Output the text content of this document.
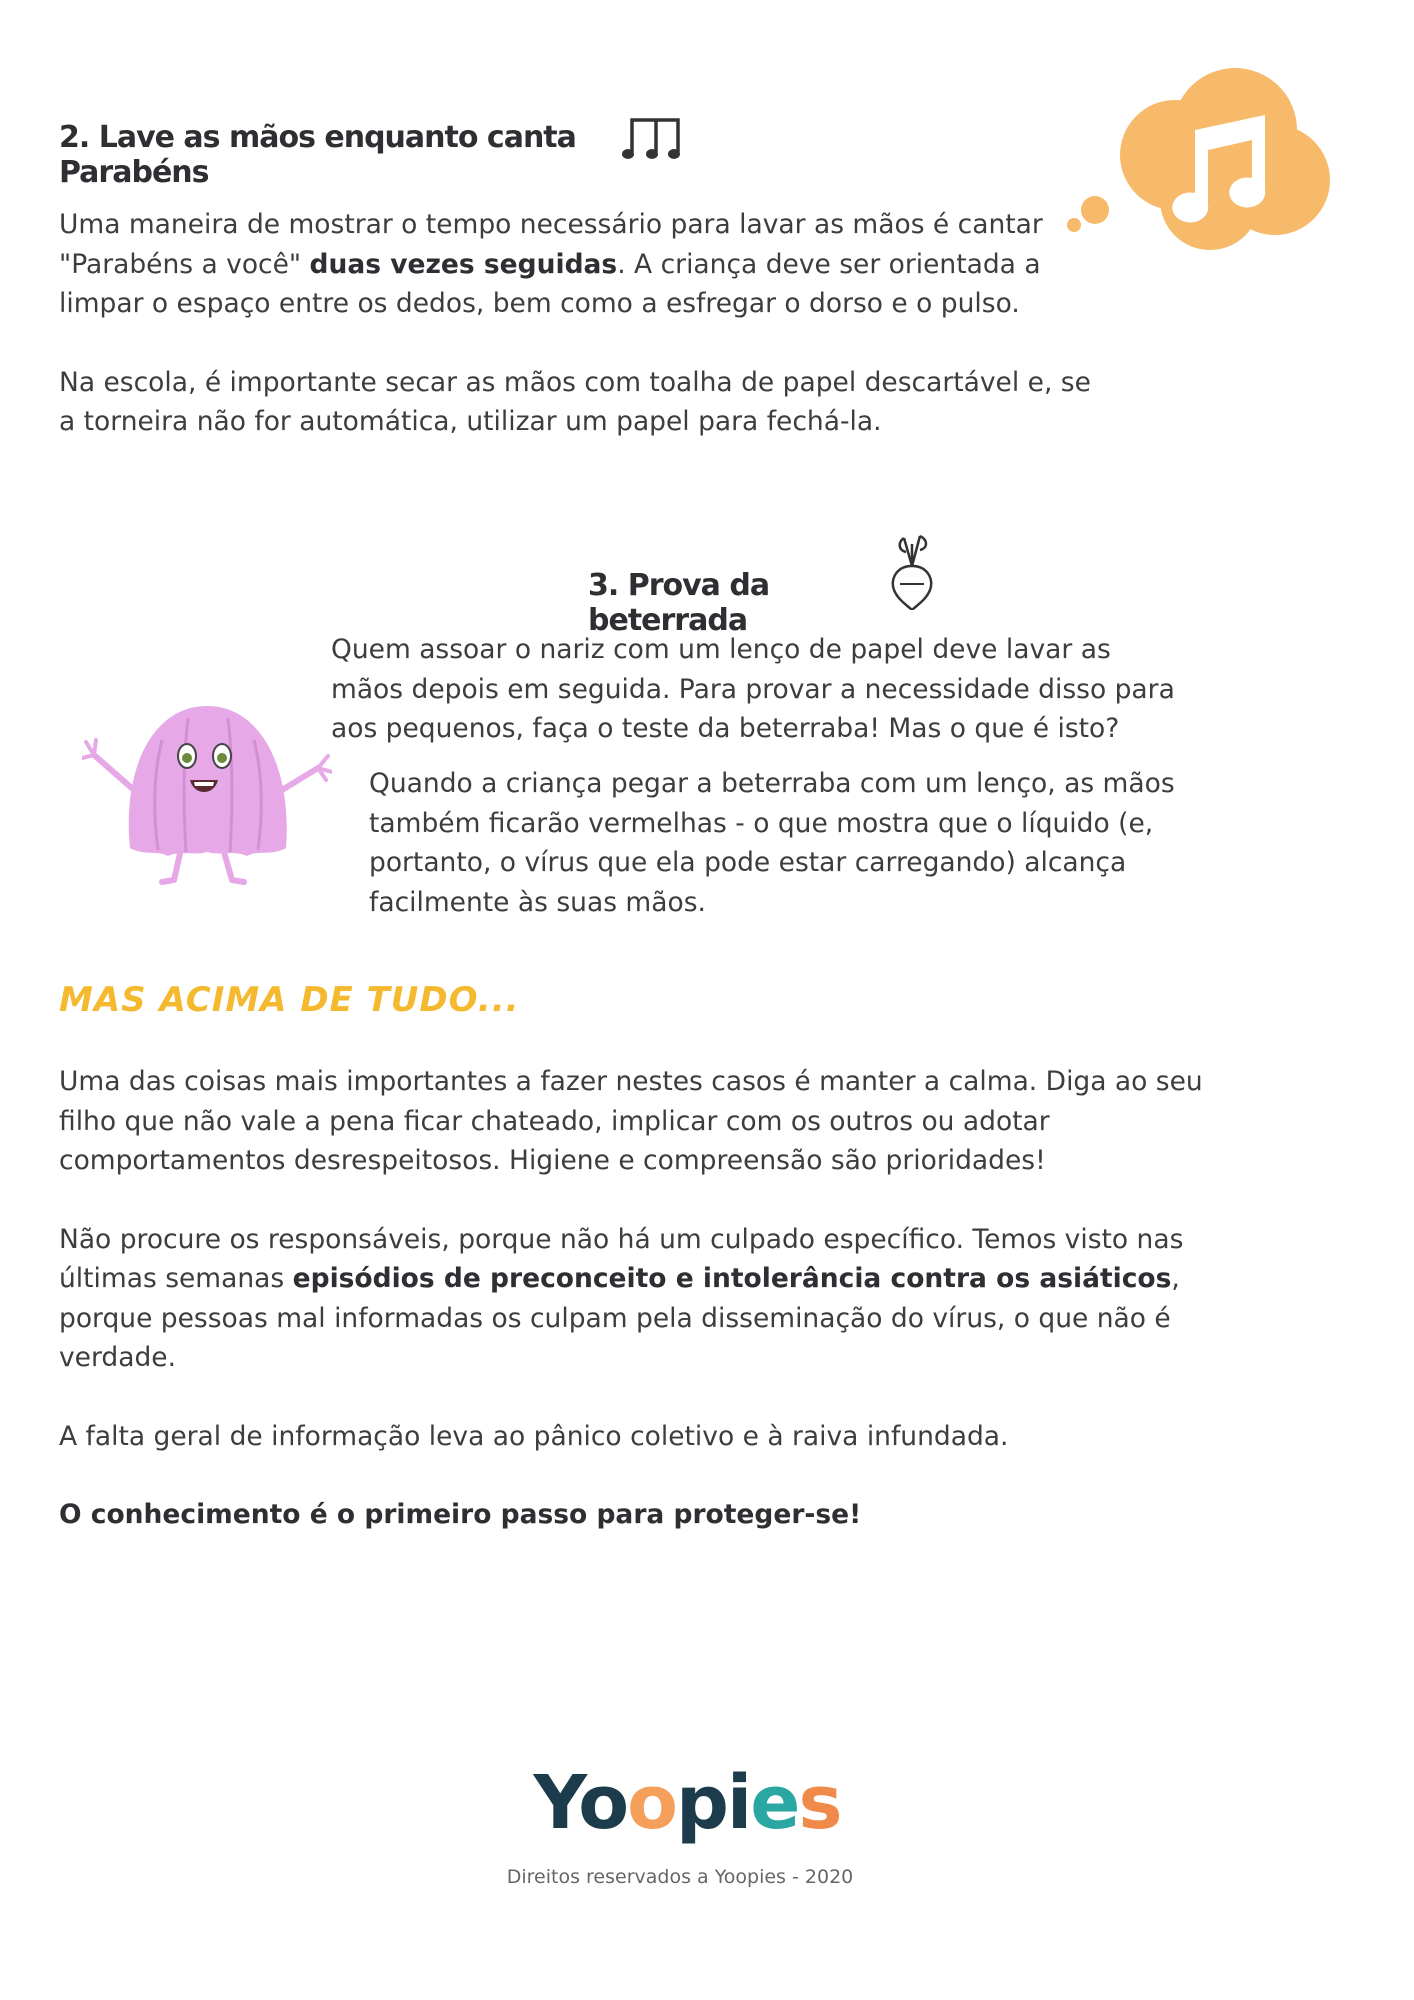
2. Lave as mãos enquanto canta Parabéns

Uma maneira de mostrar o tempo necessário para lavar as mãos é cantar "Parabéns a você" duas vezes seguidas. A criança deve ser orientada a limpar o espaço entre os dedos, bem como a esfregar o dorso e o pulso.

Na escola, é importante secar as mãos com toalha de papel descartável e, se a torneira não for automática, utilizar um papel para fechá-la.

3. Prova da beterrada

Quem assoar o nariz com um lenço de papel deve lavar as mãos depois em seguida. Para provar a necessidade disso para aos pequenos, faça o teste da beterraba! Mas o que é isto?

Quando a criança pegar a beterraba com um lenço, as mãos também ficarão vermelhas - o que mostra que o líquido (e, portanto, o vírus que ela pode estar carregando) alcança facilmente às suas mãos.

MAS ACIMA DE TUDO...

Uma das coisas mais importantes a fazer nestes casos é manter a calma. Diga ao seu filho que não vale a pena ficar chateado, implicar com os outros ou adotar comportamentos desrespeitosos. Higiene e compreensão são prioridades!

Não procure os responsáveis, porque não há um culpado específico. Temos visto nas últimas semanas episódios de preconceito e intolerância contra os asiáticos, porque pessoas mal informadas os culpam pela disseminação do vírus, o que não é verdade.

A falta geral de informação leva ao pânico coletivo e à raiva infundada.

O conhecimento é o primeiro passo para proteger-se!

Yoopies
Direitos reservados a Yoopies - 2020
